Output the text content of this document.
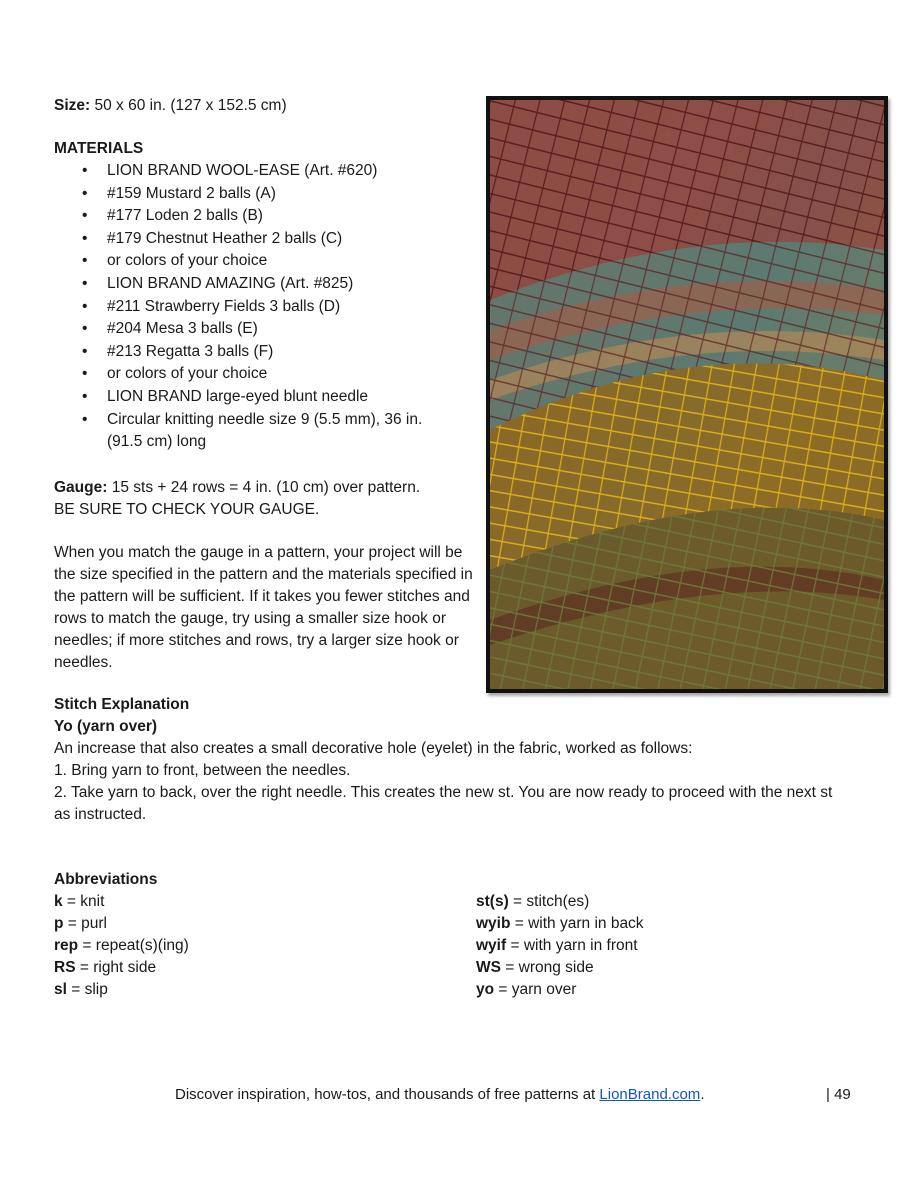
Size: 50 x 60 in. (127 x 152.5 cm)
MATERIALS
• LION BRAND WOOL-EASE (Art. #620)
• #159 Mustard 2 balls (A)
• #177 Loden 2 balls (B)
• #179 Chestnut Heather 2 balls (C)
• or colors of your choice
• LION BRAND AMAZING (Art. #825)
• #211 Strawberry Fields 3 balls (D)
• #204 Mesa 3 balls (E)
• #213 Regatta 3 balls (F)
• or colors of your choice
• LION BRAND large-eyed blunt needle
• Circular knitting needle size 9 (5.5 mm), 36 in. (91.5 cm) long
Gauge: 15 sts + 24 rows = 4 in. (10 cm) over pattern.
BE SURE TO CHECK YOUR GAUGE.
When you match the gauge in a pattern, your project will be the size specified in the pattern and the materials specified in the pattern will be sufficient. If it takes you fewer stitches and rows to match the gauge, try using a smaller size hook or needles; if more stitches and rows, try a larger size hook or needles.
Stitch Explanation
Yo (yarn over)
An increase that also creates a small decorative hole (eyelet) in the fabric, worked as follows:
1. Bring yarn to front, between the needles.
2. Take yarn to back, over the right needle. This creates the new st. You are now ready to proceed with the next st as instructed.
Abbreviations
k = knit
p = purl
rep = repeat(s)(ing)
RS = right side
sl = slip
st(s) = stitch(es)
wyib = with yarn in back
wyif = with yarn in front
WS = wrong side
yo = yarn over
Discover inspiration, how-tos, and thousands of free patterns at LionBrand.com.	| 49
